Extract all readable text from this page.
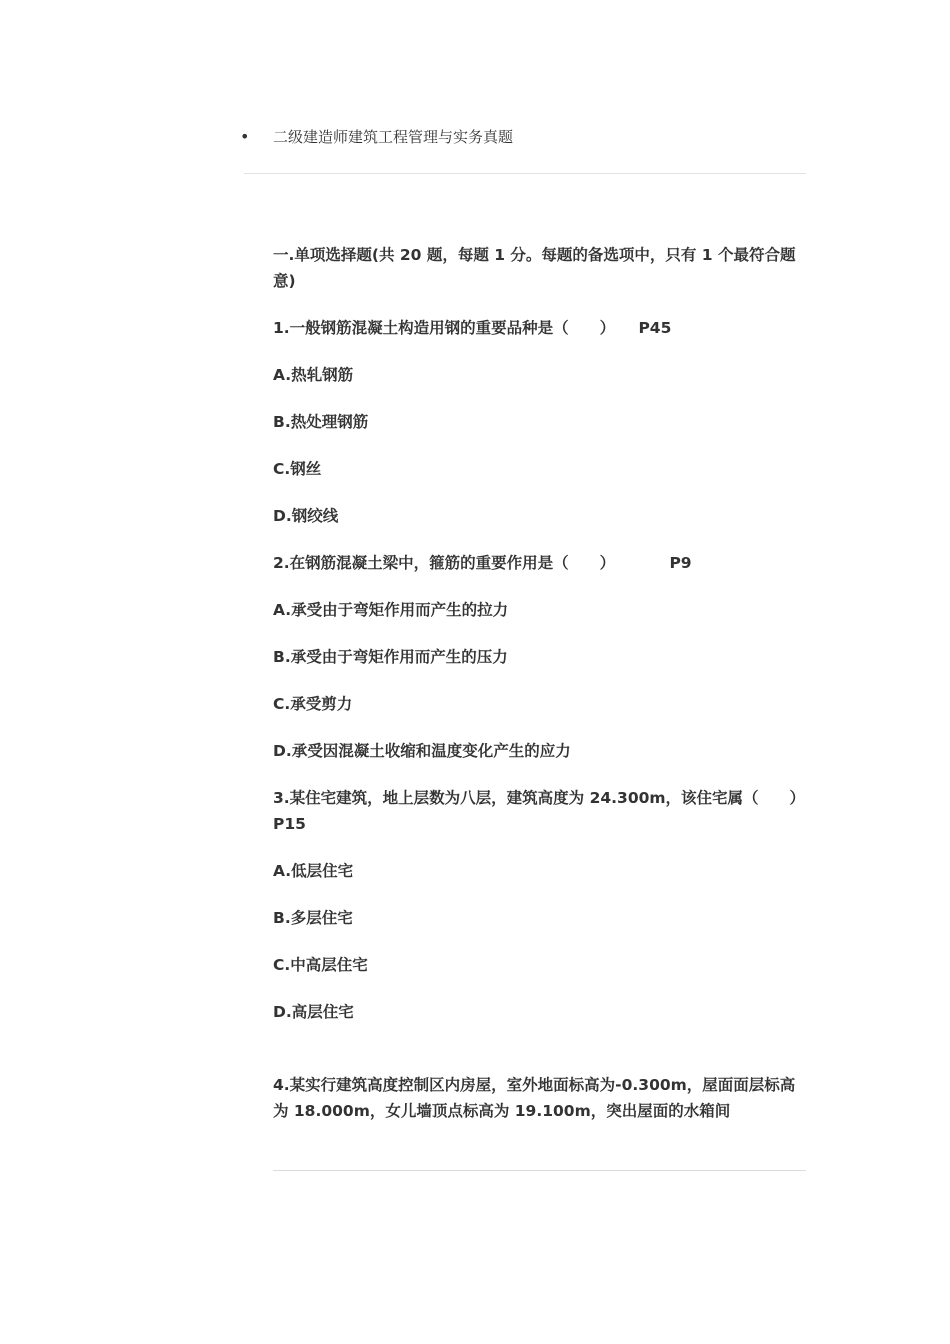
• 二级建造师建筑工程管理与实务真题

一.单项选择题(共 20 题，每题 1 分。每题的备选项中，只有 1 个最符合题意)

1.一般钢筋混凝土构造用钢的重要品种是（　　）　　P45

A.热轧钢筋

B.热处理钢筋

C.钢丝

D.钢绞线

2.在钢筋混凝土梁中，箍筋的重要作用是（　　）　　　　P9

A.承受由于弯矩作用而产生的拉力

B.承受由于弯矩作用而产生的压力

C.承受剪力

D.承受因混凝土收缩和温度变化产生的应力

3.某住宅建筑，地上层数为八层，建筑高度为 24.300m，该住宅属（　　）　　P15

A.低层住宅

B.多层住宅

C.中高层住宅

D.高层住宅

4.某实行建筑高度控制区内房屋，室外地面标高为-0.300m，屋面面层标高为 18.000m，女儿墙顶点标高为 19.100m，突出屋面的水箱间
